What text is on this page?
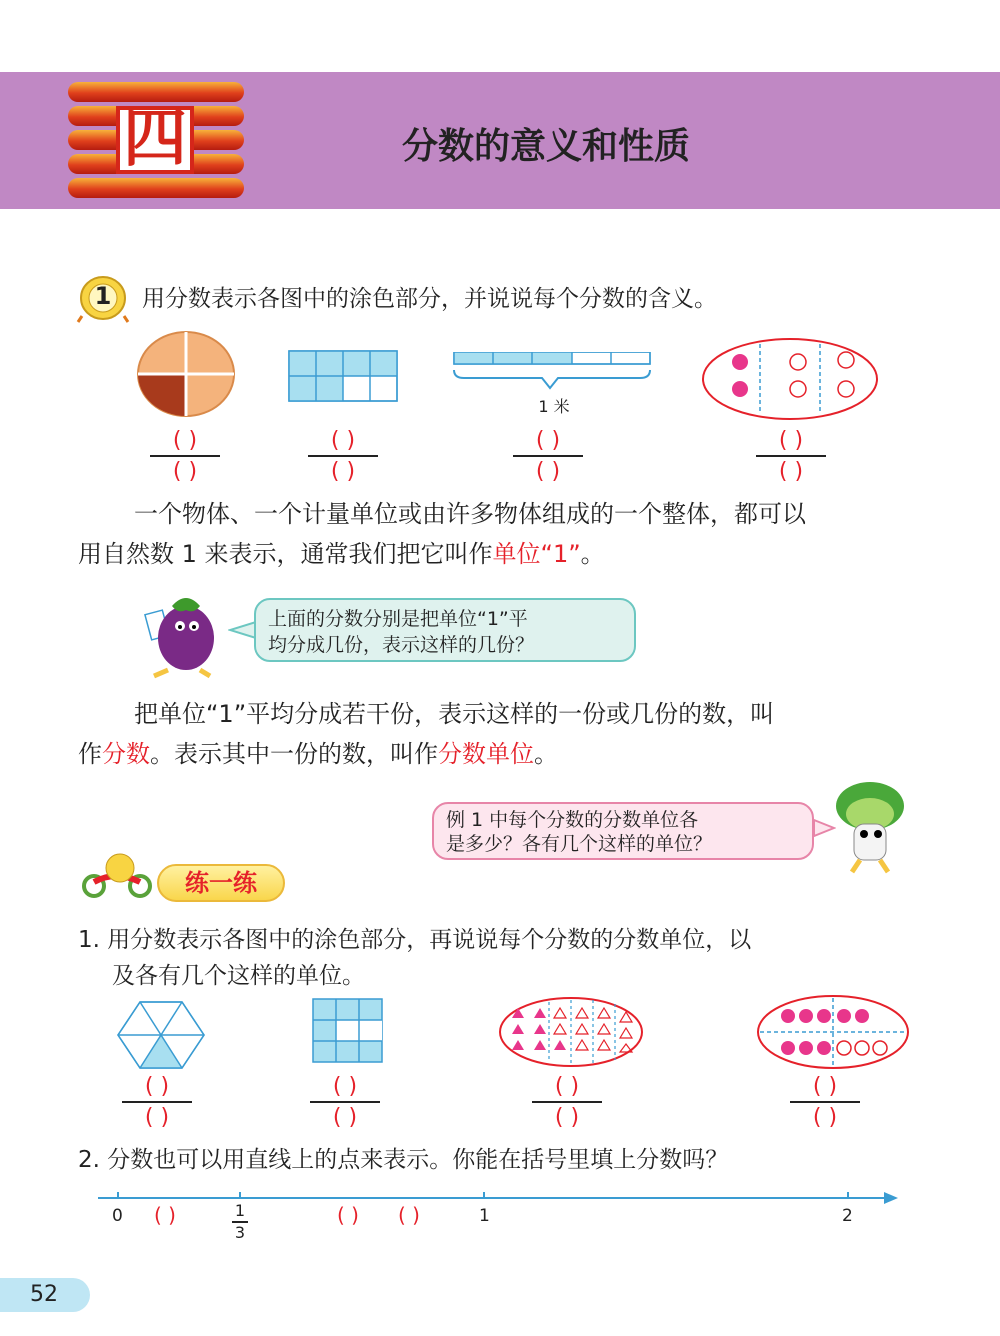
四	分数的意义和性质
1 用分数表示各图中的涂色部分，并说说每个分数的含义。
1 米
( )
( )
( )
( )
( )
( )
( )
( )
一个物体、一个计量单位或由许多物体组成的一个整体，都可以
用自然数 1 来表示，通常我们把它叫作单位“1”。
上面的分数分别是把单位“1”平
均分成几份，表示这样的几份？
把单位“1”平均分成若干份，表示这样的一份或几份的数，叫
作分数。表示其中一份的数，叫作分数单位。
例 1 中每个分数的分数单位各
是多少？各有几个这样的单位？
练一练
1. 用分数表示各图中的涂色部分，再说说每个分数的分数单位，以
及各有几个这样的单位。
( )
( )
( )
( )
( )
( )
( )
( )
2. 分数也可以用直线上的点来表示。你能在括号里填上分数吗？
0 ( )	1
3
( ) ( )	1	2
52
